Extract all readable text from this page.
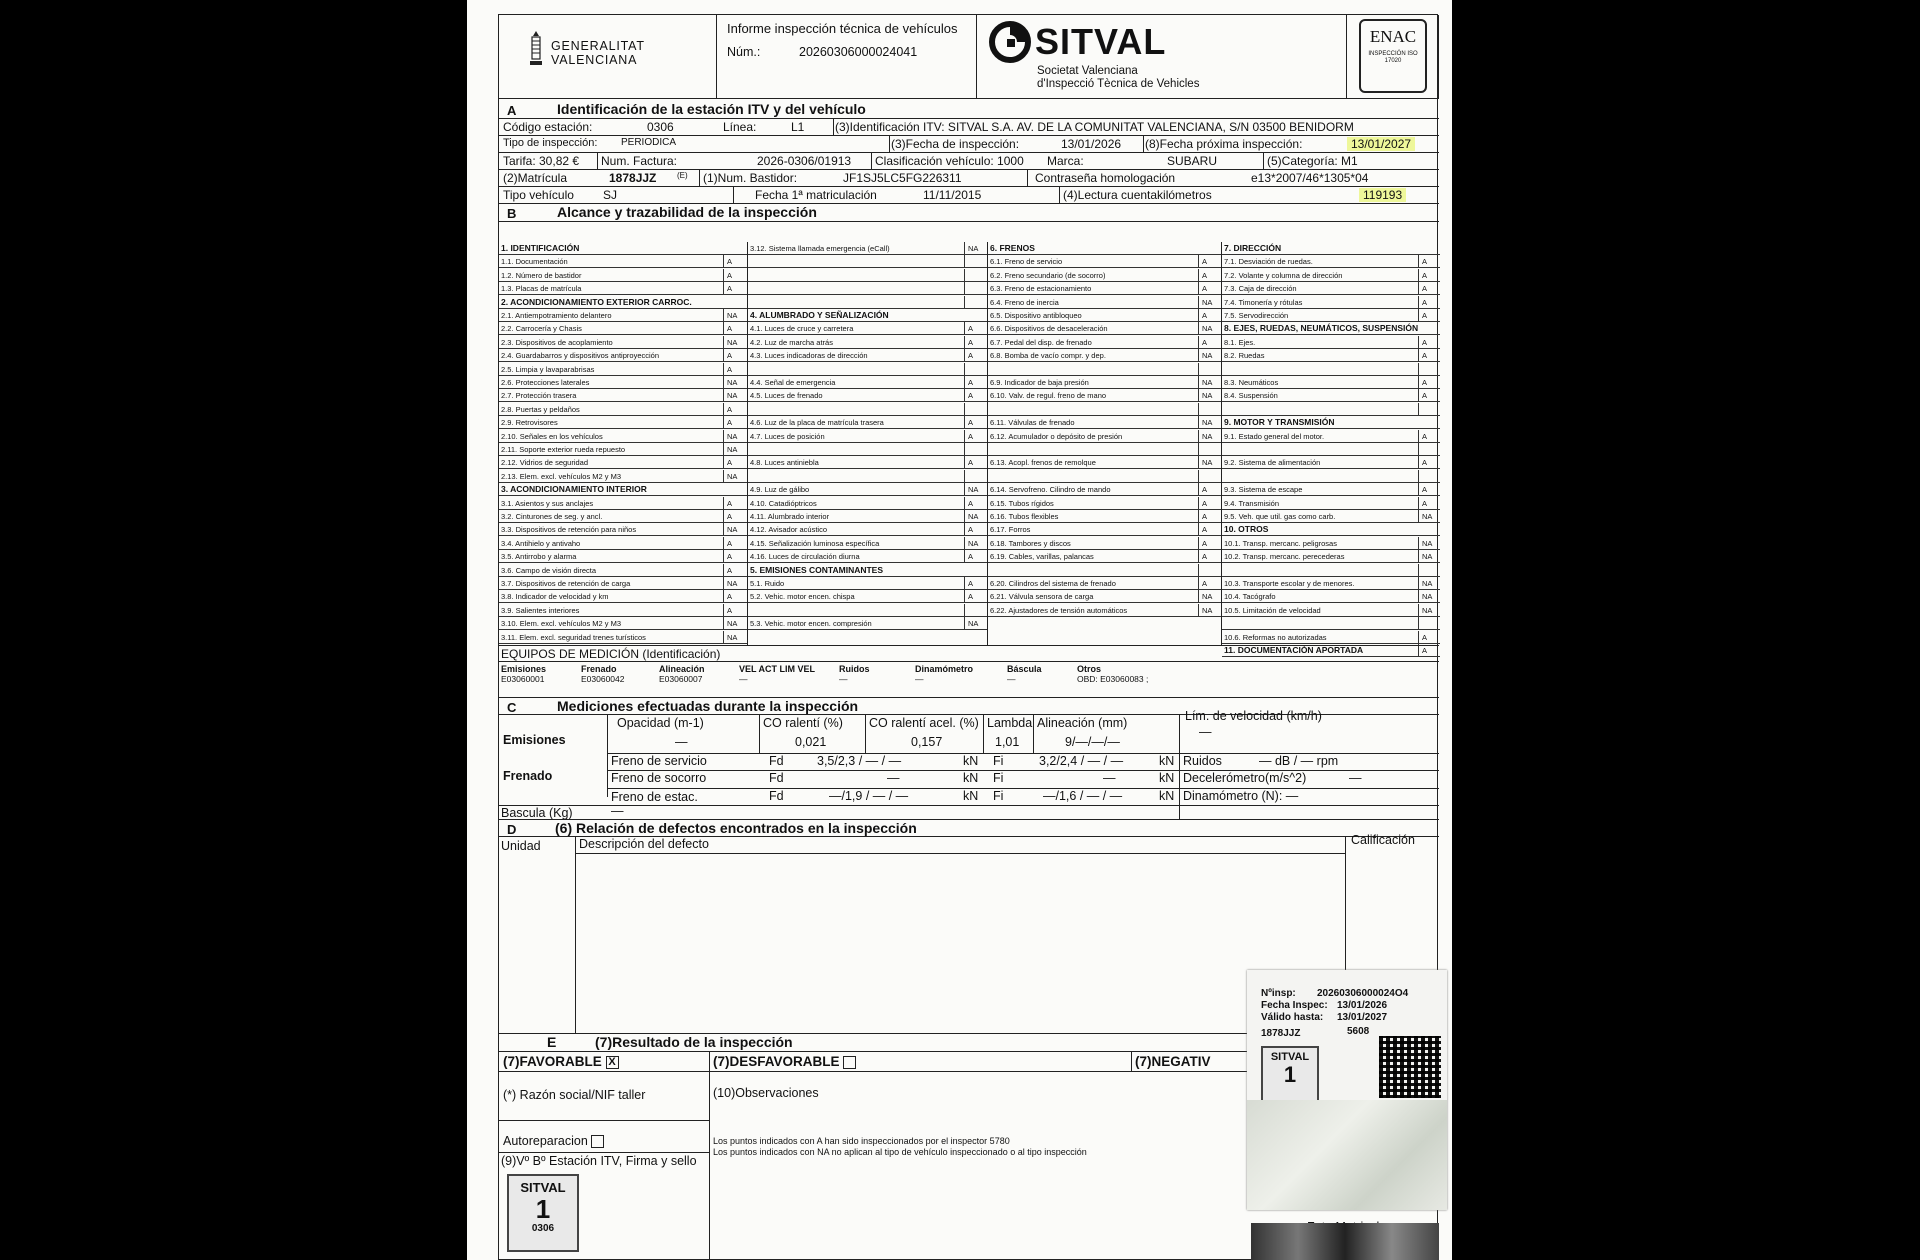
GENERALITAT
VALENCIANA
Informe inspección técnica de vehículos
Núm.:	20260306000024041	SITVAL
Societat Valenciana
d'Inspecció Tècnica de Vehicles
ENAC
INSPECCIÓN ISO 17020
A	Identificación de la estación ITV y del vehículo
Código estación:	0306	Línea:	L1	(3)Identificación ITV: SITVAL S.A. AV. DE LA COMUNITAT VALENCIANA, S/N 03500 BENIDORM
Tipo de inspección: PERIODICA	(3)Fecha de inspección:	13/01/2026 (8)Fecha próxima inspección:	13/01/2027
Tarifa: 30,82 € Num. Factura:	2026-0306/01913 Clasificación vehículo: 1000 Marca:	SUBARU	(5)Categoría: M1
(2)Matrícula	1878JJZ	(E) (1)Num. Bastidor:	JF1SJ5LC5FG226311	Contraseña homologación	e13*2007/46*1305*04
Tipo vehículo SJ	Fecha 1ª matriculación	11/11/2015	(4)Lectura cuentakilómetros	119193
B	Alcance y trazabilidad de la inspección
1. IDENTIFICACIÓN
1.1. Documentación	A
1.2. Número de bastidor	A
1.3. Placas de matrícula	A
2. ACONDICIONAMIENTO EXTERIOR CARROC.
2.1. Antiempotramiento delantero	NA
2.2. Carrocería y Chasis	A
2.3. Dispositivos de acoplamiento	NA
2.4. Guardabarros y dispositivos antiproyección	A
2.5. Limpia y lavaparabrisas	A
2.6. Protecciones laterales	NA
2.7. Protección trasera	NA
2.8. Puertas y peldaños	A
2.9. Retrovisores	A
2.10. Señales en los vehículos	NA
2.11. Soporte exterior rueda repuesto	NA
2.12. Vidrios de seguridad	A
2.13. Elem. excl. vehículos M2 y M3	NA
3. ACONDICIONAMIENTO INTERIOR
3.1. Asientos y sus anclajes	A
3.2. Cinturones de seg. y ancl.	A
3.3. Dispositivos de retención para niños	NA
3.4. Antihielo y antivaho	A
3.5. Antirrobo y alarma	A
3.6. Campo de visión directa	A
3.7. Dispositivos de retención de carga	NA
3.8. Indicador de velocidad y km	A
3.9. Salientes interiores	A
3.10. Elem. excl. vehículos M2 y M3	NA
3.11. Elem. excl. seguridad trenes turísticos	NA
3.12. Sistema llamada emergencia (eCall)	NA
4. ALUMBRADO Y SEÑALIZACIÓN
4.1. Luces de cruce y carretera	A
4.2. Luz de marcha atrás	A
4.3. Luces indicadoras de dirección	A
4.4. Señal de emergencia	A
4.5. Luces de frenado	A
4.6. Luz de la placa de matrícula trasera	A
4.7. Luces de posición	A
4.8. Luces antiniebla	A
4.9. Luz de gálibo	NA
4.10. Catadióptricos	A
4.11. Alumbrado interior	NA
4.12. Avisador acústico	A
4.15. Señalización luminosa específica	NA
4.16. Luces de circulación diurna	A
5. EMISIONES CONTAMINANTES
5.1. Ruido	A
5.2. Vehic. motor encen. chispa	A
5.3. Vehic. motor encen. compresión	NA
6. FRENOS
6.1. Freno de servicio	A
6.2. Freno secundario (de socorro)	A
6.3. Freno de estacionamiento	A
6.4. Freno de inercia	NA
6.5. Dispositivo antibloqueo	A
6.6. Dispositivos de desaceleración	NA
6.7. Pedal del disp. de frenado	A
6.8. Bomba de vacío compr. y dep.	NA
6.9. Indicador de baja presión	NA
6.10. Valv. de regul. freno de mano	NA
6.11. Válvulas de frenado	NA
6.12. Acumulador o depósito de presión	NA
6.13. Acopl. frenos de remolque	NA
6.14. Servofreno. Cilindro de mando	A
6.15. Tubos rígidos	A
6.16. Tubos flexibles	A
6.17. Forros	A
6.18. Tambores y discos	A
6.19. Cables, varillas, palancas	A
6.20. Cilindros del sistema de frenado	A
6.21. Válvula sensora de carga	NA
6.22. Ajustadores de tensión automáticos	NA
7. DIRECCIÓN
7.1. Desviación de ruedas.	A
7.2. Volante y columna de dirección	A
7.3. Caja de dirección	A
7.4. Timonería y rótulas	A
7.5. Servodirección	A
8. EJES, RUEDAS, NEUMÁTICOS, SUSPENSIÓN
8.1. Ejes.	A
8.2. Ruedas	A
8.3. Neumáticos	A
8.4. Suspensión	A
9. MOTOR Y TRANSMISIÓN
9.1. Estado general del motor.	A
9.2. Sistema de alimentación	A
9.3. Sistema de escape	A
9.4. Transmisión	A
9.5. Veh. que util. gas como carb.	NA
10. OTROS
10.1. Transp. mercanc. peligrosas	NA
10.2. Transp. mercanc. perecederas	NA
10.3. Transporte escolar y de menores.	NA
10.4. Tacógrafo	NA
10.5. Limitación de velocidad	NA
10.6. Reformas no autorizadas	A
11. DOCUMENTACIÓN APORTADA	A
EQUIPOS DE MEDICIÓN (Identificación)
Emisiones
E03060001
Frenado
E03060042
Alineación
E03060007
VEL ACT LIM VEL
—
Ruidos
—
Dinamómetro
—
Báscula
—
Otros
OBD: E03060083 ;
C	Mediciones efectuadas durante la inspección
Emisiones
Opacidad (m-1)
—
CO ralentí (%)
0,021
CO ralentí acel. (%)
0,157
Lambda
1,01
Alineación (mm)
9/—/—/—
Lím. de velocidad (km/h)
—
Frenado
Freno de servicio	Fd	3,5/2,3 / — / —	kN Fi	3,2/2,4 / — / —	kN Ruidos	— dB / — rpm
Freno de socorro	Fd	—	kN Fi	—	kN Decelerómetro(m/s^2)	—
Freno de estac.	Fd	—/1,9 / — / —	kN Fi	—/1,6 / — / —	kN Dinamómetro (N): —
Bascula (Kg)	—
D	(6) Relación de defectos encontrados en la inspección
Unidad	Descripción del defecto	Calificación
E	(7)Resultado de la inspección
(7)FAVORABLE X	(7)DESFAVORABLE	(7)NEGATIV
(*) Razón social/NIF taller	(10)Observaciones
Los puntos indicados con A han sido inspeccionados por el inspector 5780
Los puntos indicados con NA no aplican al tipo de vehículo inspeccionado o al tipo inspección
Autoreparacion
(9)Vº Bº Estación ITV, Firma y sello
SITVAL
1
0306
Nºinsp: 20260306000024O4
Fecha Inspec: 13/01/2026
Válido hasta: 13/01/2027
1878JJZ	5608
SITVAL
1
